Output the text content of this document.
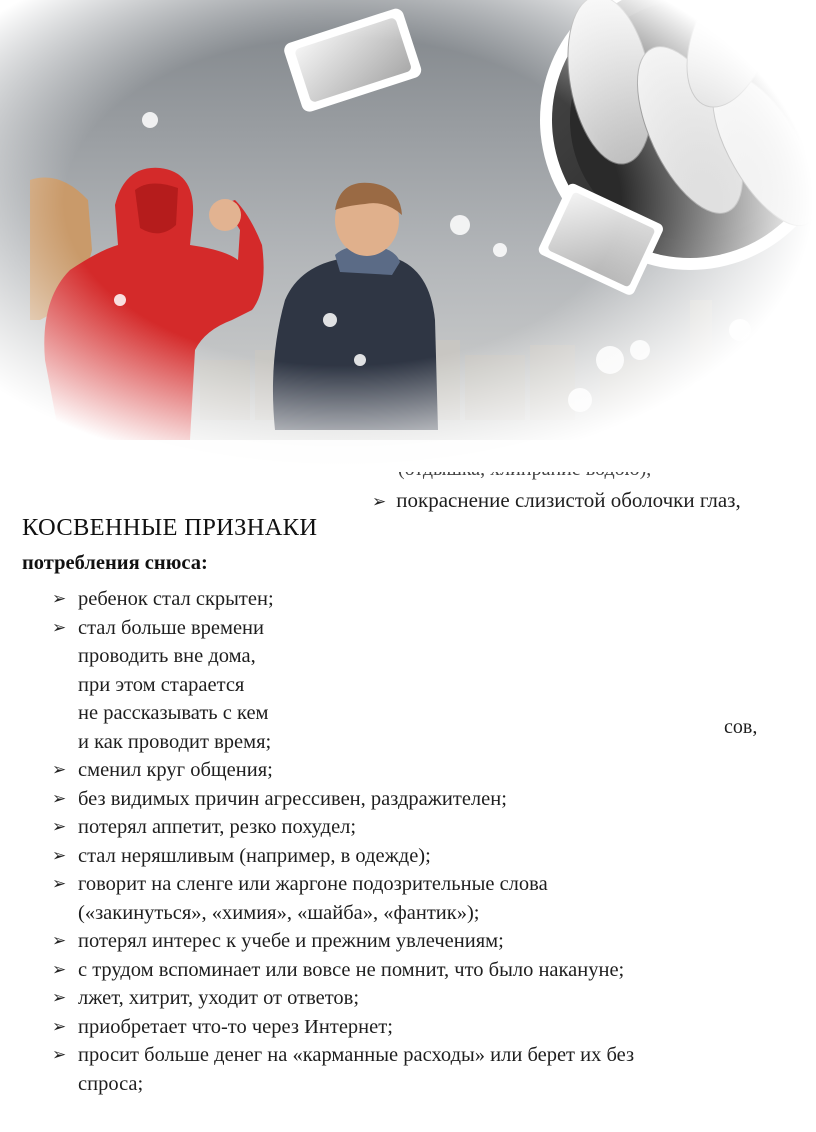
➢ покраснение слизистой оболочки глаз,
сов,
КОСВЕННЫЕ ПРИЗНАКИ
потребления снюса:
➢ ребенок стал скрытен;
➢ стал больше времени
проводить вне дома,
при этом старается
не рассказывать с кем
и как проводит время;
➢ сменил круг общения;
➢ без видимых причин агрессивен, раздражителен;
➢ потерял аппетит, резко похудел;
➢ стал неряшливым (например, в одежде);
➢ говорит на сленге или жаргоне подозрительные слова
(«закинуться», «химия», «шайба», «фантик»);
➢ потерял интерес к учебе и прежним увлечениям;
➢ с трудом вспоминает или вовсе не помнит, что было накануне;
➢ лжет, хитрит, уходит от ответов;
➢ приобретает что-то через Интернет;
➢ просит больше денег на «карманные расходы» или берет их без
спроса;
